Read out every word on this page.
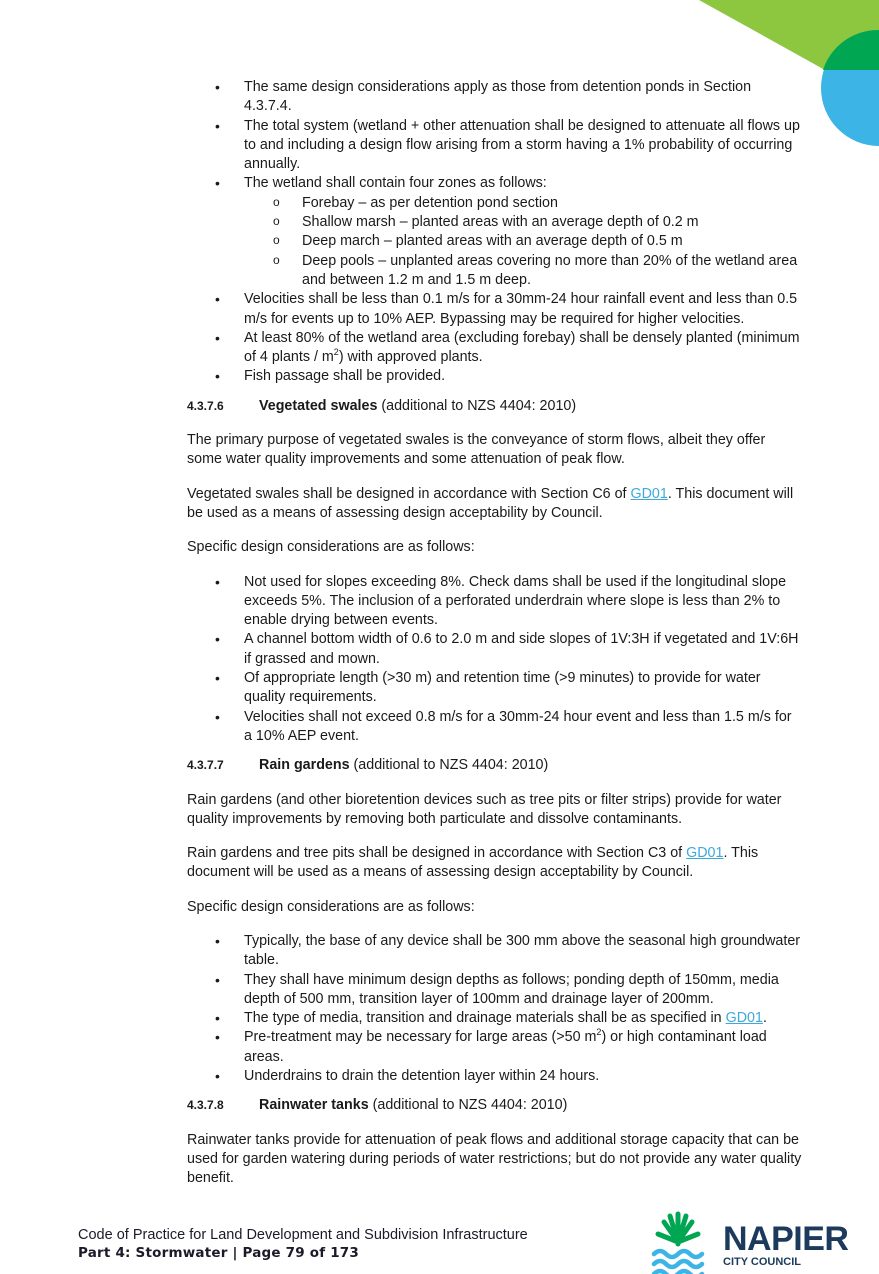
• The same design considerations apply as those from detention ponds in Section 4.3.7.4.
• The total system (wetland + other attenuation shall be designed to attenuate all flows up to and including a design flow arising from a storm having a 1% probability of occurring annually.
• The wetland shall contain four zones as follows:
o Forebay – as per detention pond section
o Shallow marsh – planted areas with an average depth of 0.2 m
o Deep march – planted areas with an average depth of 0.5 m
o Deep pools – unplanted areas covering no more than 20% of the wetland area and between 1.2 m and 1.5 m deep.
• Velocities shall be less than 0.1 m/s for a 30mm-24 hour rainfall event and less than 0.5 m/s for events up to 10% AEP. Bypassing may be required for higher velocities.
• At least 80% of the wetland area (excluding forebay) shall be densely planted (minimum of 4 plants / $m^2$) with approved plants.
• Fish passage shall be provided.
4.3.7.6	Vegetated swales (additional to NZS 4404: 2010)

The primary purpose of vegetated swales is the conveyance of storm flows, albeit they offer some water quality improvements and some attenuation of peak flow.

Vegetated swales shall be designed in accordance with Section C6 of GD01. This document will be used as a means of assessing design acceptability by Council.

Specific design considerations are as follows:

• Not used for slopes exceeding 8%. Check dams shall be used if the longitudinal slope exceeds 5%. The inclusion of a perforated underdrain where slope is less than 2% to enable drying between events.
• A channel bottom width of 0.6 to 2.0 m and side slopes of 1V:3H if vegetated and 1V:6H if grassed and mown.
• Of appropriate length (>30 m) and retention time (>9 minutes) to provide for water quality requirements.
• Velocities shall not exceed 0.8 m/s for a 30mm-24 hour event and less than 1.5 m/s for a 10% AEP event.
4.3.7.7	Rain gardens (additional to NZS 4404: 2010)

Rain gardens (and other bioretention devices such as tree pits or filter strips) provide for water quality improvements by removing both particulate and dissolve contaminants.

Rain gardens and tree pits shall be designed in accordance with Section C3 of GD01. This document will be used as a means of assessing design acceptability by Council.

Specific design considerations are as follows:

• Typically, the base of any device shall be 300 mm above the seasonal high groundwater table.
• They shall have minimum design depths as follows; ponding depth of 150mm, media depth of 500 mm, transition layer of 100mm and drainage layer of 200mm.
• The type of media, transition and drainage materials shall be as specified in GD01.
• Pre-treatment may be necessary for large areas (>50 $m^2$) or high contaminant load areas.
• Underdrains to drain the detention layer within 24 hours.
4.3.7.8	Rainwater tanks (additional to NZS 4404: 2010)

Rainwater tanks provide for attenuation of peak flows and additional storage capacity that can be used for garden watering during periods of water restrictions; but do not provide any water quality benefit.

Code of Practice for Land Development and Subdivision Infrastructure
Part 4: Stormwater | Page 79 of 173	NAPIER
CITY COUNCIL
